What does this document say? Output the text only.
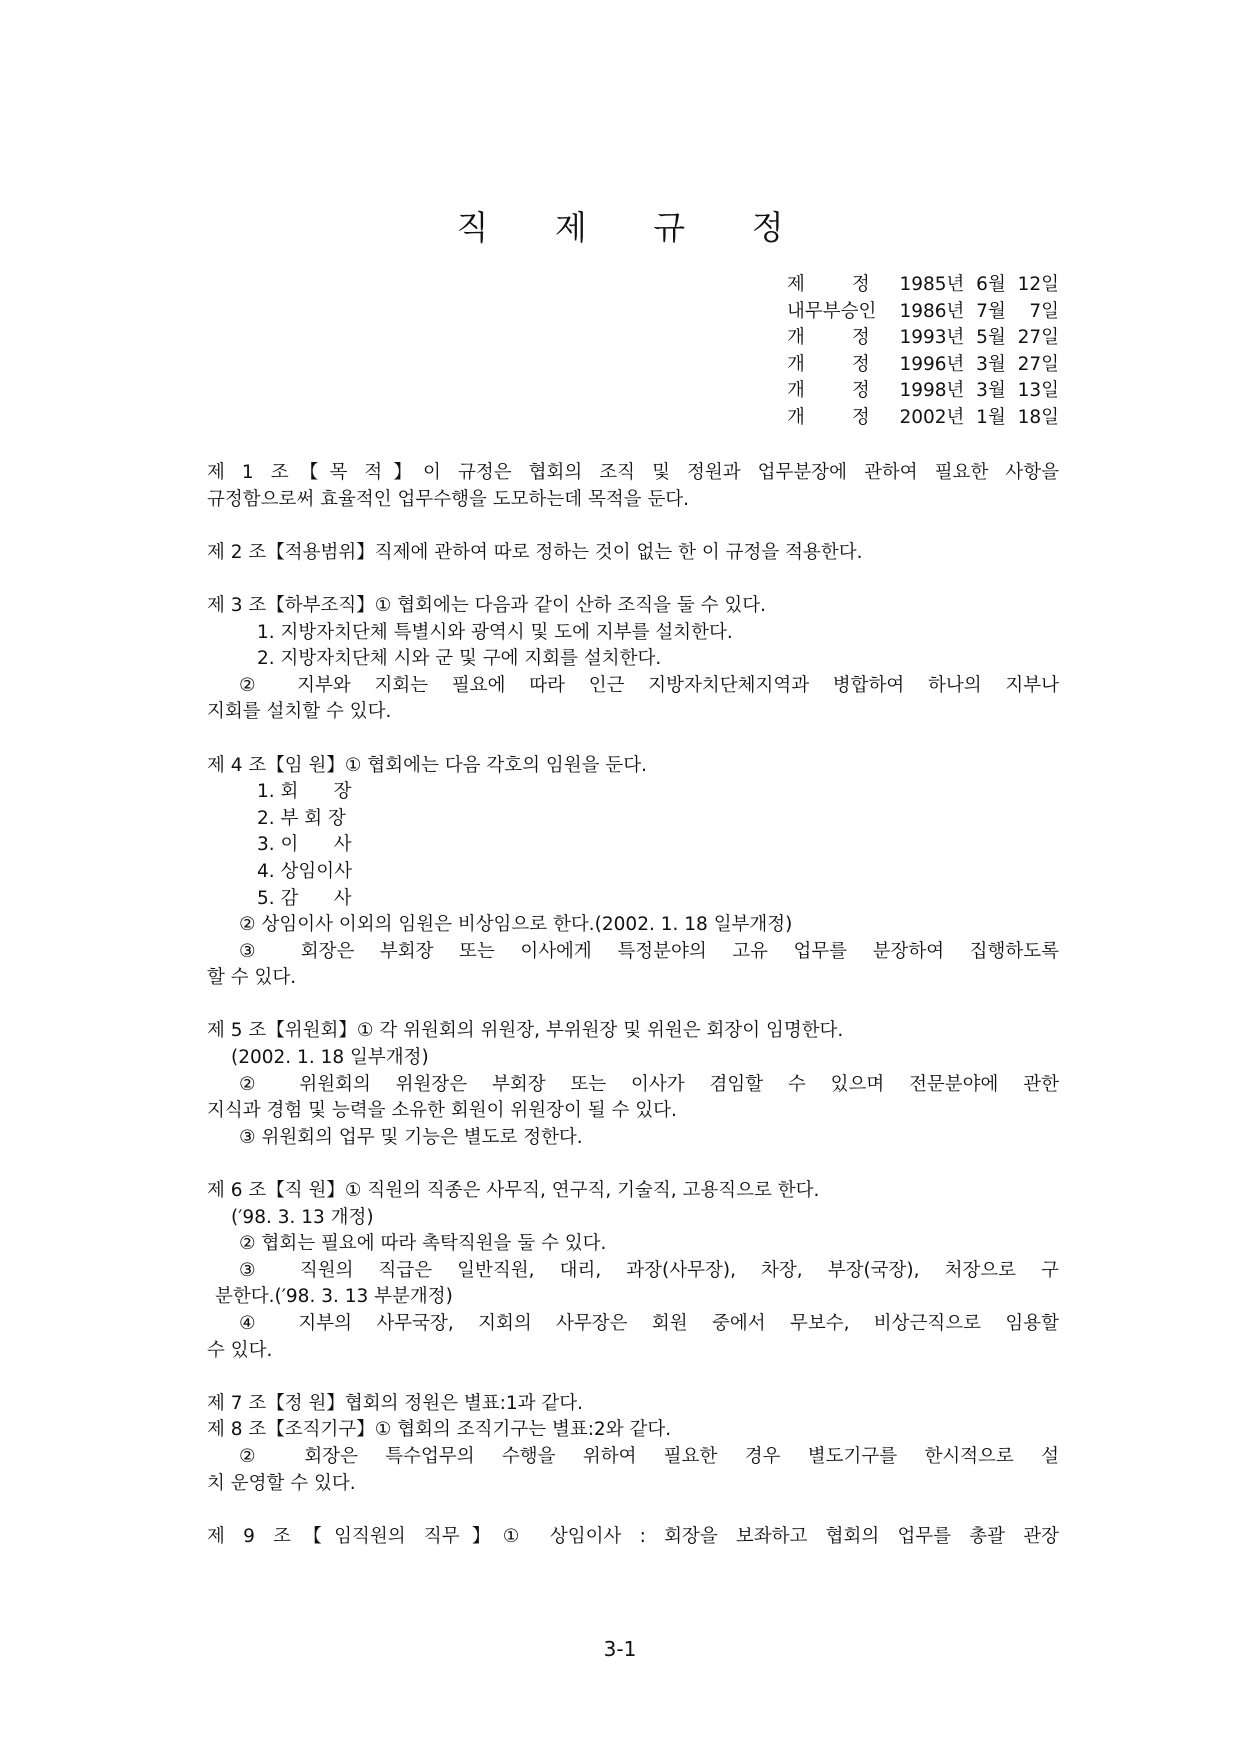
직 제 규 정
제        정 1985년  6월  12일
내무부승인 1986년  7월    7일
개        정 1993년  5월  27일
개        정 1996년  3월  27일
개        정 1998년  3월  13일
개        정 2002년  1월  18일
제 1 조【목 적】이 규정은 협회의 조직 및 정원과 업무분장에 관하여 필요한 사항을
규정함으로써 효율적인 업무수행을 도모하는데 목적을 둔다.
제 2 조【적용범위】직제에 관하여 따로 정하는 것이 없는 한 이 규정을 적용한다.
제 3 조【하부조직】① 협회에는 다음과 같이 산하 조직을 둘 수 있다.
1. 지방자치단체 특별시와 광역시 및 도에 지부를 설치한다.
2. 지방자치단체 시와 군 및 구에 지회를 설치한다.
② 지부와 지회는 필요에 따라 인근 지방자치단체지역과 병합하여 하나의 지부나
지회를 설치할 수 있다.
제 4 조【임 원】① 협회에는 다음 각호의 임원을 둔다.
1. 회      장
2. 부 회 장
3. 이      사
4. 상임이사
5. 감      사
② 상임이사 이외의 임원은 비상임으로 한다.(2002. 1. 18 일부개정)
③ 회장은 부회장 또는 이사에게 특정분야의 고유 업무를 분장하여 집행하도록
할 수 있다.
제 5 조【위원회】① 각 위원회의 위원장, 부위원장 및 위원은 회장이 임명한다.
(2002. 1. 18 일부개정)
② 위원회의 위원장은 부회장 또는 이사가 겸임할 수 있으며 전문분야에 관한
지식과 경험 및 능력을 소유한 회원이 위원장이 될 수 있다.
③ 위원회의 업무 및 기능은 별도로 정한다.
제 6 조【직 원】① 직원의 직종은 사무직, 연구직, 기술직, 고용직으로 한다.
(′98. 3. 13 개정)
② 협회는 필요에 따라 촉탁직원을 둘 수 있다.
③ 직원의 직급은 일반직원, 대리, 과장(사무장), 차장, 부장(국장), 처장으로 구
분한다.(′98. 3. 13 부분개정)
④ 지부의 사무국장, 지회의 사무장은 회원 중에서 무보수, 비상근직으로 임용할
수 있다.
제 7 조【정 원】협회의 정원은 별표:1과 같다.
제 8 조【조직기구】① 협회의 조직기구는 별표:2와 같다.
② 회장은 특수업무의 수행을 위하여 필요한 경우 별도기구를 한시적으로 설
치 운영할 수 있다.
제 9 조【임직원의 직무】① 상임이사 : 회장을 보좌하고 협회의 업무를 총괄 관장
3-1
